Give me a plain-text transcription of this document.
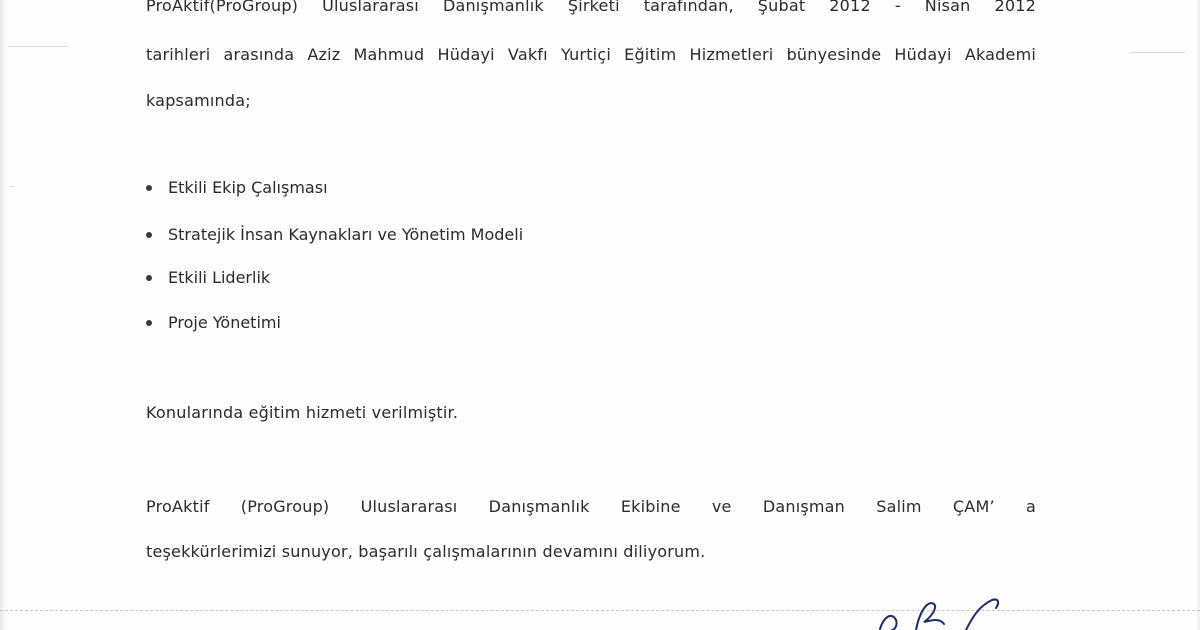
ProAktif(ProGroup) Uluslararası Danışmanlık Şirketi tarafından, Şubat 2012 - Nisan 2012
tarihleri arasında Aziz Mahmud Hüdayi Vakfı Yurtiçi Eğitim Hizmetleri bünyesinde Hüdayi Akademi
kapsamında;
Etkili Ekip Çalışması
Stratejik İnsan Kaynakları ve Yönetim Modeli
Etkili Liderlik
Proje Yönetimi
Konularında eğitim hizmeti verilmiştir.
ProAktif (ProGroup) Uluslararası Danışmanlık Ekibine ve Danışman Salim ÇAM’ a
teşekkürlerimizi sunuyor, başarılı çalışmalarının devamını diliyorum.
